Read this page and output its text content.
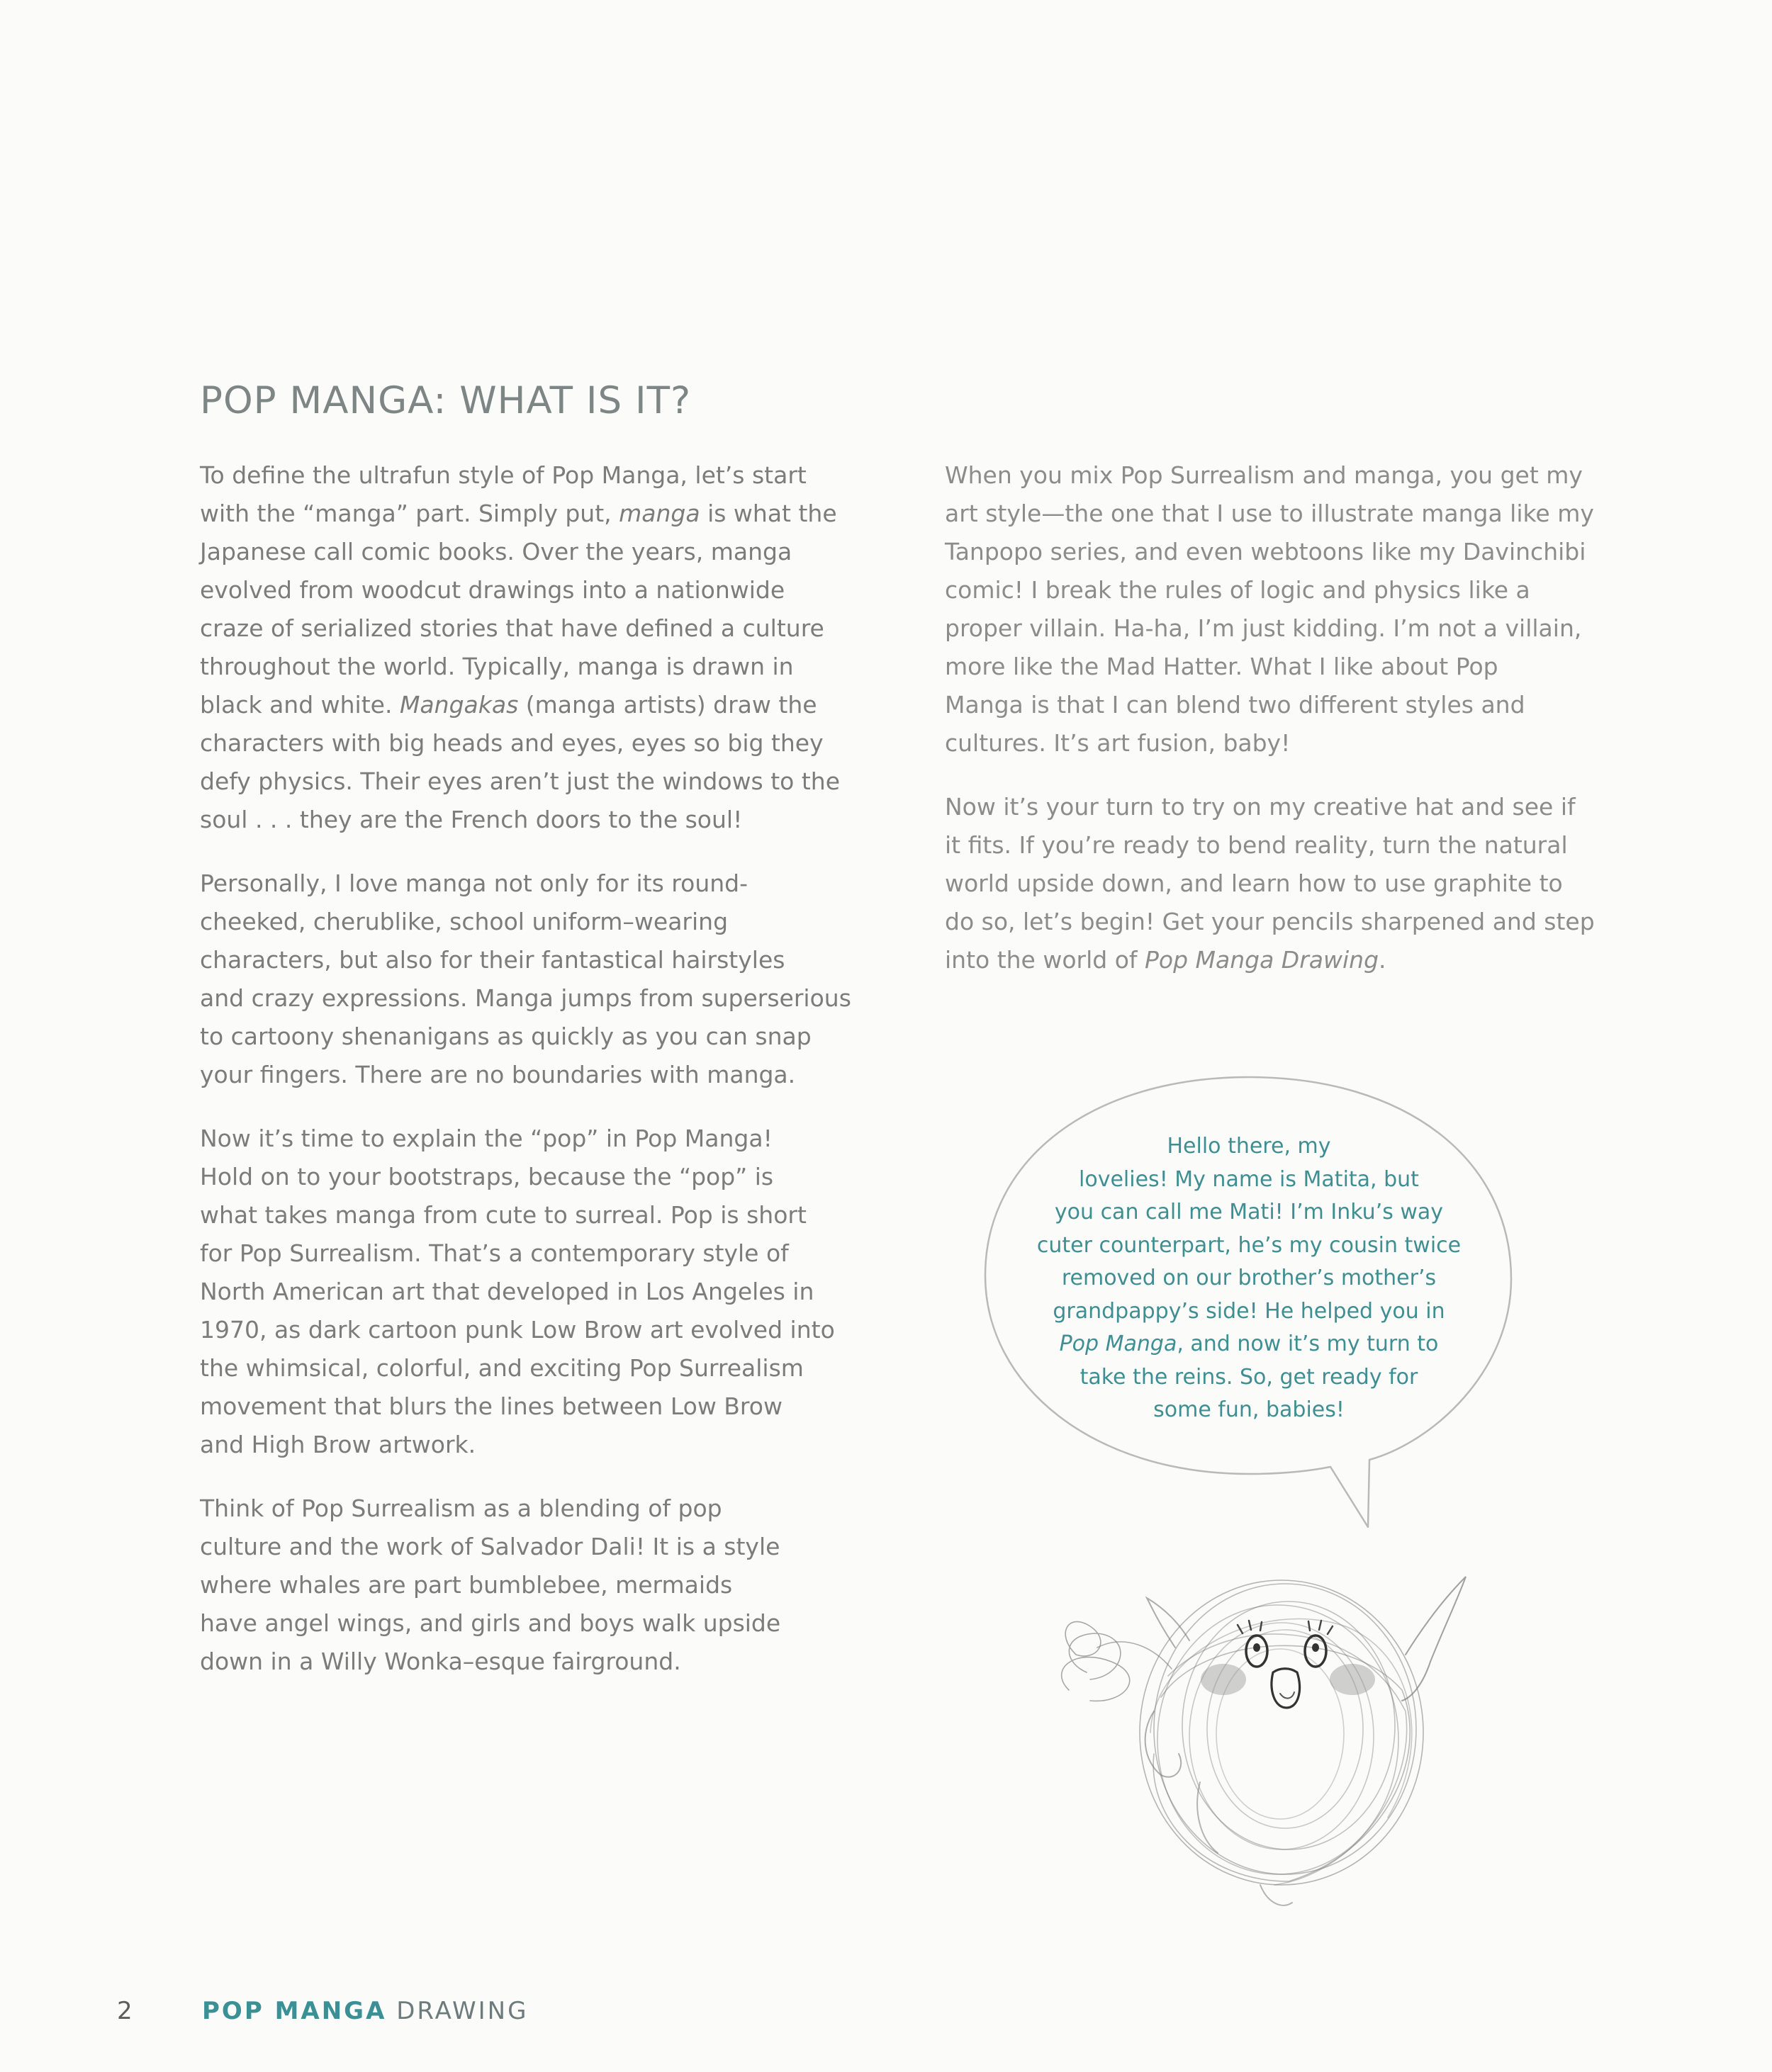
POP MANGA: WHAT IS IT?

To define the ultrafun style of Pop Manga, let’s start
with the “manga” part. Simply put, manga is what the
Japanese call comic books. Over the years, manga
evolved from woodcut drawings into a nationwide
craze of serialized stories that have defined a culture
throughout the world. Typically, manga is drawn in
black and white. Mangakas (manga artists) draw the
characters with big heads and eyes, eyes so big they
defy physics. Their eyes aren’t just the windows to the
soul . . . they are the French doors to the soul!

Personally, I love manga not only for its round-
cheeked, cherublike, school uniform–wearing
characters, but also for their fantastical hairstyles
and crazy expressions. Manga jumps from superserious
to cartoony shenanigans as quickly as you can snap
your fingers. There are no boundaries with manga.

Now it’s time to explain the “pop” in Pop Manga!
Hold on to your bootstraps, because the “pop” is
what takes manga from cute to surreal. Pop is short
for Pop Surrealism. That’s a contemporary style of
North American art that developed in Los Angeles in
1970, as dark cartoon punk Low Brow art evolved into
the whimsical, colorful, and exciting Pop Surrealism
movement that blurs the lines between Low Brow
and High Brow artwork.

Think of Pop Surrealism as a blending of pop
culture and the work of Salvador Dali! It is a style
where whales are part bumblebee, mermaids
have angel wings, and girls and boys walk upside
down in a Willy Wonka–esque fairground.

When you mix Pop Surrealism and manga, you get my
art style—the one that I use to illustrate manga like my
Tanpopo series, and even webtoons like my Davinchibi
comic! I break the rules of logic and physics like a
proper villain. Ha-ha, I’m just kidding. I’m not a villain,
more like the Mad Hatter. What I like about Pop
Manga is that I can blend two different styles and
cultures. It’s art fusion, baby!

Now it’s your turn to try on my creative hat and see if
it fits. If you’re ready to bend reality, turn the natural
world upside down, and learn how to use graphite to
do so, let’s begin! Get your pencils sharpened and step
into the world of Pop Manga Drawing.

Hello there, my
lovelies! My name is Matita, but
you can call me Mati! I’m Inku’s way
cuter counterpart, he’s my cousin twice
removed on our brother’s mother’s
grandpappy’s side! He helped you in
Pop Manga, and now it’s my turn to
take the reins. So, get ready for
some fun, babies!
2	POP MANGA DRAWING
